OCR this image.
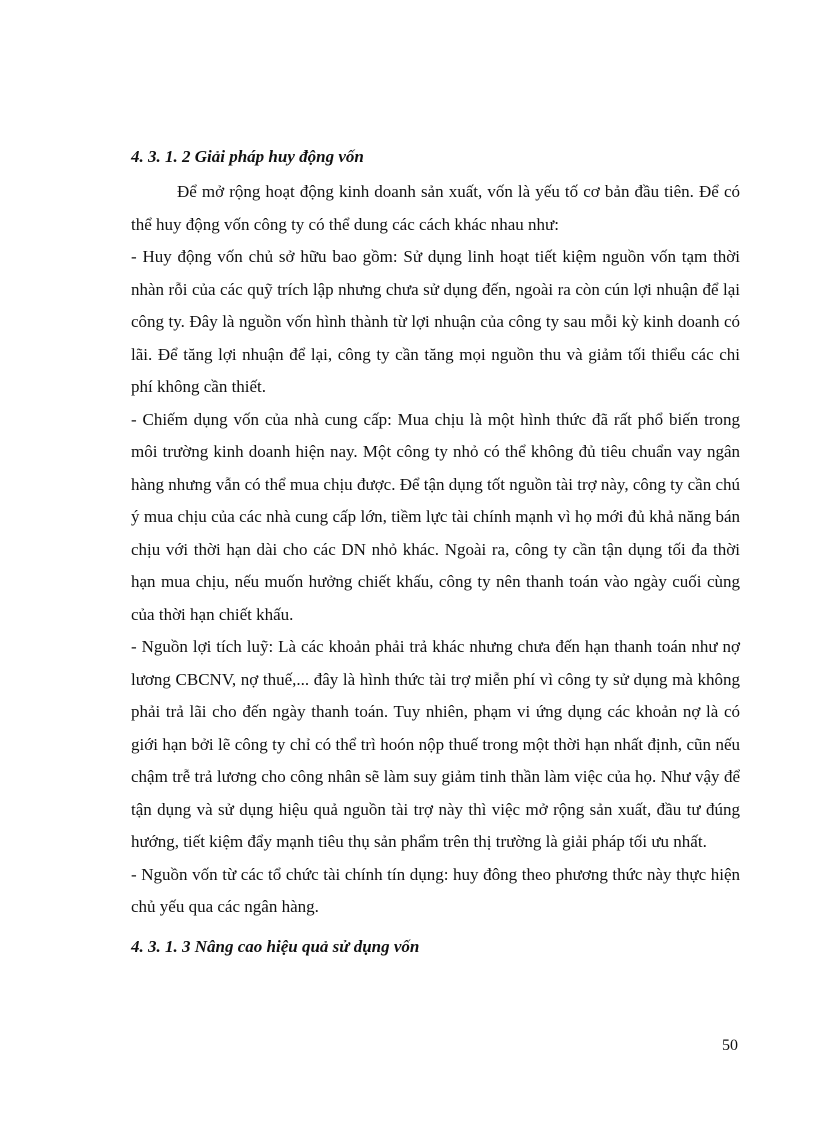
4. 3. 1. 2 Giải pháp huy động vốn

Để mở rộng hoạt động kinh doanh sản xuất, vốn là yếu tố cơ bản đầu tiên. Để có thể huy động vốn công ty có thể dung các cách khác nhau như:

- Huy động vốn chủ sở hữu bao gồm: Sử dụng linh hoạt tiết kiệm nguồn vốn tạm thời nhàn rỗi của các quỹ trích lập nhưng chưa sử dụng đến, ngoài ra còn cún lợi nhuận để lại công ty. Đây là nguồn vốn hình thành từ lợi nhuận của công ty sau mỗi kỳ kinh doanh có lãi. Để tăng lợi nhuận để lại, công ty cần tăng mọi nguồn thu và giảm tối thiểu các chi phí không cần thiết.

- Chiếm dụng vốn của nhà cung cấp: Mua chịu là một hình thức đã rất phổ biến trong môi trường kinh doanh hiện nay. Một công ty nhỏ có thể không đủ tiêu chuẩn vay ngân hàng nhưng vẫn có thể mua chịu được. Để tận dụng tốt nguồn tài trợ này, công ty cần chú ý mua chịu của các nhà cung cấp lớn, tiềm lực tài chính mạnh vì họ mới đủ khả năng bán chịu với thời hạn dài cho các DN nhỏ khác. Ngoài ra, công ty cần tận dụng tối đa thời hạn mua chịu, nếu muốn hưởng chiết khấu, công ty nên thanh toán vào ngày cuối cùng của thời hạn chiết khấu.

- Nguồn lợi tích luỹ: Là các khoản phải trả khác nhưng chưa đến hạn thanh toán như nợ lương CBCNV, nợ thuế,... đây là hình thức tài trợ miễn phí vì công ty sử dụng mà không phải trả lãi cho đến ngày thanh toán. Tuy nhiên, phạm vi ứng dụng các khoản nợ là có giới hạn bởi lẽ công ty chỉ có thể trì hoón nộp thuế trong một thời hạn nhất định, cũn nếu chậm trễ trả lương cho công nhân sẽ làm suy giảm tinh thần làm việc của họ. Như vậy để tận dụng và sử dụng hiệu quả nguồn tài trợ này thì việc mở rộng sản xuất, đầu tư đúng hướng, tiết kiệm đẩy mạnh tiêu thụ sản phẩm trên thị trường là giải pháp tối ưu nhất.

- Nguồn vốn từ các tổ chức tài chính tín dụng: huy đông theo phương thức này thực hiện chủ yếu qua các ngân hàng.

4. 3. 1. 3 Nâng cao hiệu quả sử dụng vốn
50
